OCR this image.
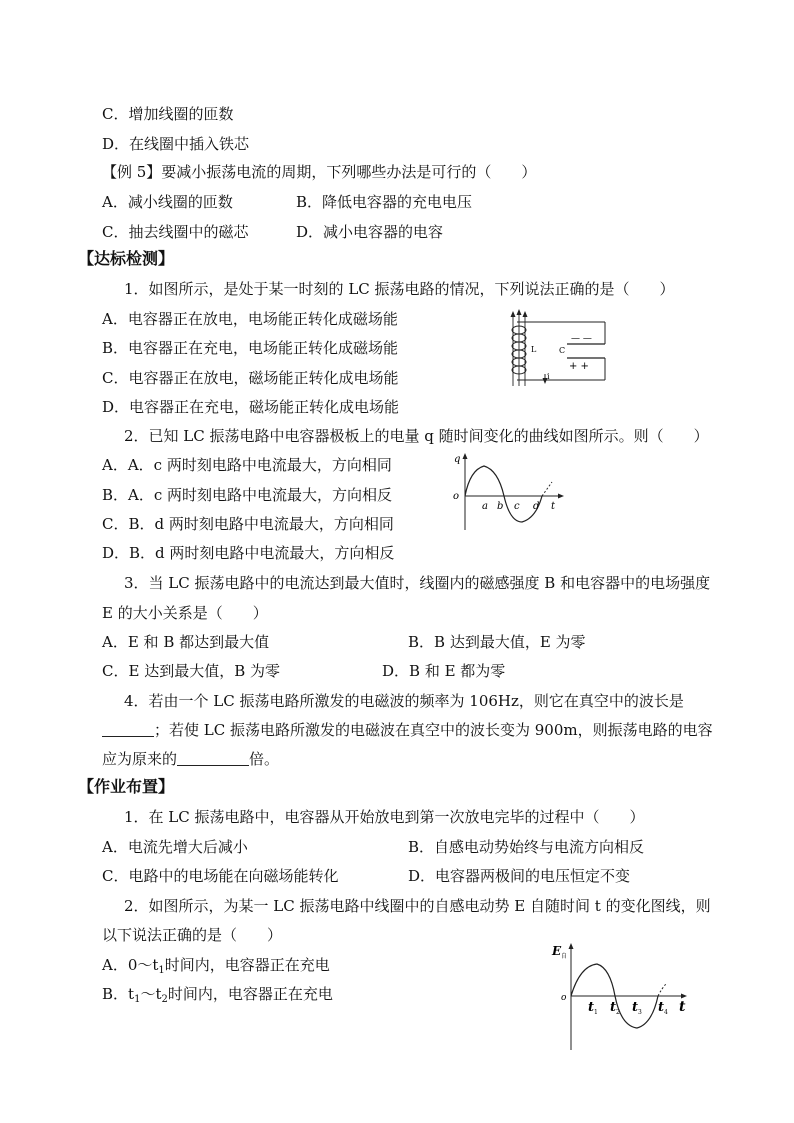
C．增加线圈的匝数
D．在线圈中插入铁芯
【例 5】要减小振荡电流的周期，下列哪些办法是可行的（　　）
A．减小线圈的匝数	B．降低电容器的充电电压
C．抽去线圈中的磁芯	D．减小电容器的电容
【达标检测】
1．如图所示，是处于某一时刻的 LC 振荡电路的情况，下列说法正确的是（　　）
A．电容器正在放电，电场能正转化成磁场能
B．电容器正在充电，电场能正转化成磁场能
C．电容器正在放电，磁场能正转化成电场能
D．电容器正在充电，磁场能正转化成电场能
i
L	C
— —
+ +
2．已知 LC 振荡电路中电容器极板上的电量 q 随时间变化的曲线如图所示。则（　　）
A．A．c 两时刻电路中电流最大，方向相同
B．A．c 两时刻电路中电流最大，方向相反
C．B．d 两时刻电路中电流最大，方向相同
D．B．d 两时刻电路中电流最大，方向相反
q
o
a b c d t
3．当 LC 振荡电路中的电流达到最大值时，线圈内的磁感强度 B 和电容器中的电场强度
E 的大小关系是（　　）
A．E 和 B 都达到最大值	B．B 达到最大值，E 为零
C．E 达到最大值，B 为零	D．B 和 E 都为零
4．若由一个 LC 振荡电路所激发的电磁波的频率为 106Hz，则它在真空中的波长是
；若使 LC 振荡电路所激发的电磁波在真空中的波长变为 900m，则振荡电路的电容
应为原来的	倍。
【作业布置】
1．在 LC 振荡电路中，电容器从开始放电到第一次放电完毕的过程中（　　）
A．电流先增大后减小	B．自感电动势始终与电流方向相反
C．电路中的电场能在向磁场能转化	D．电容器两极间的电压恒定不变
2．如图所示，为某一 LC 振荡电路中线圈中的自感电动势 E 自随时间 t 的变化图线，则
以下说法正确的是（　　）
A．$0\sim t_1$时间内，电容器正在充电
B．$t_1\sim t_2$时间内，电容器正在充电
E 自
o
t 1 t 2 t 3 t 4 t
